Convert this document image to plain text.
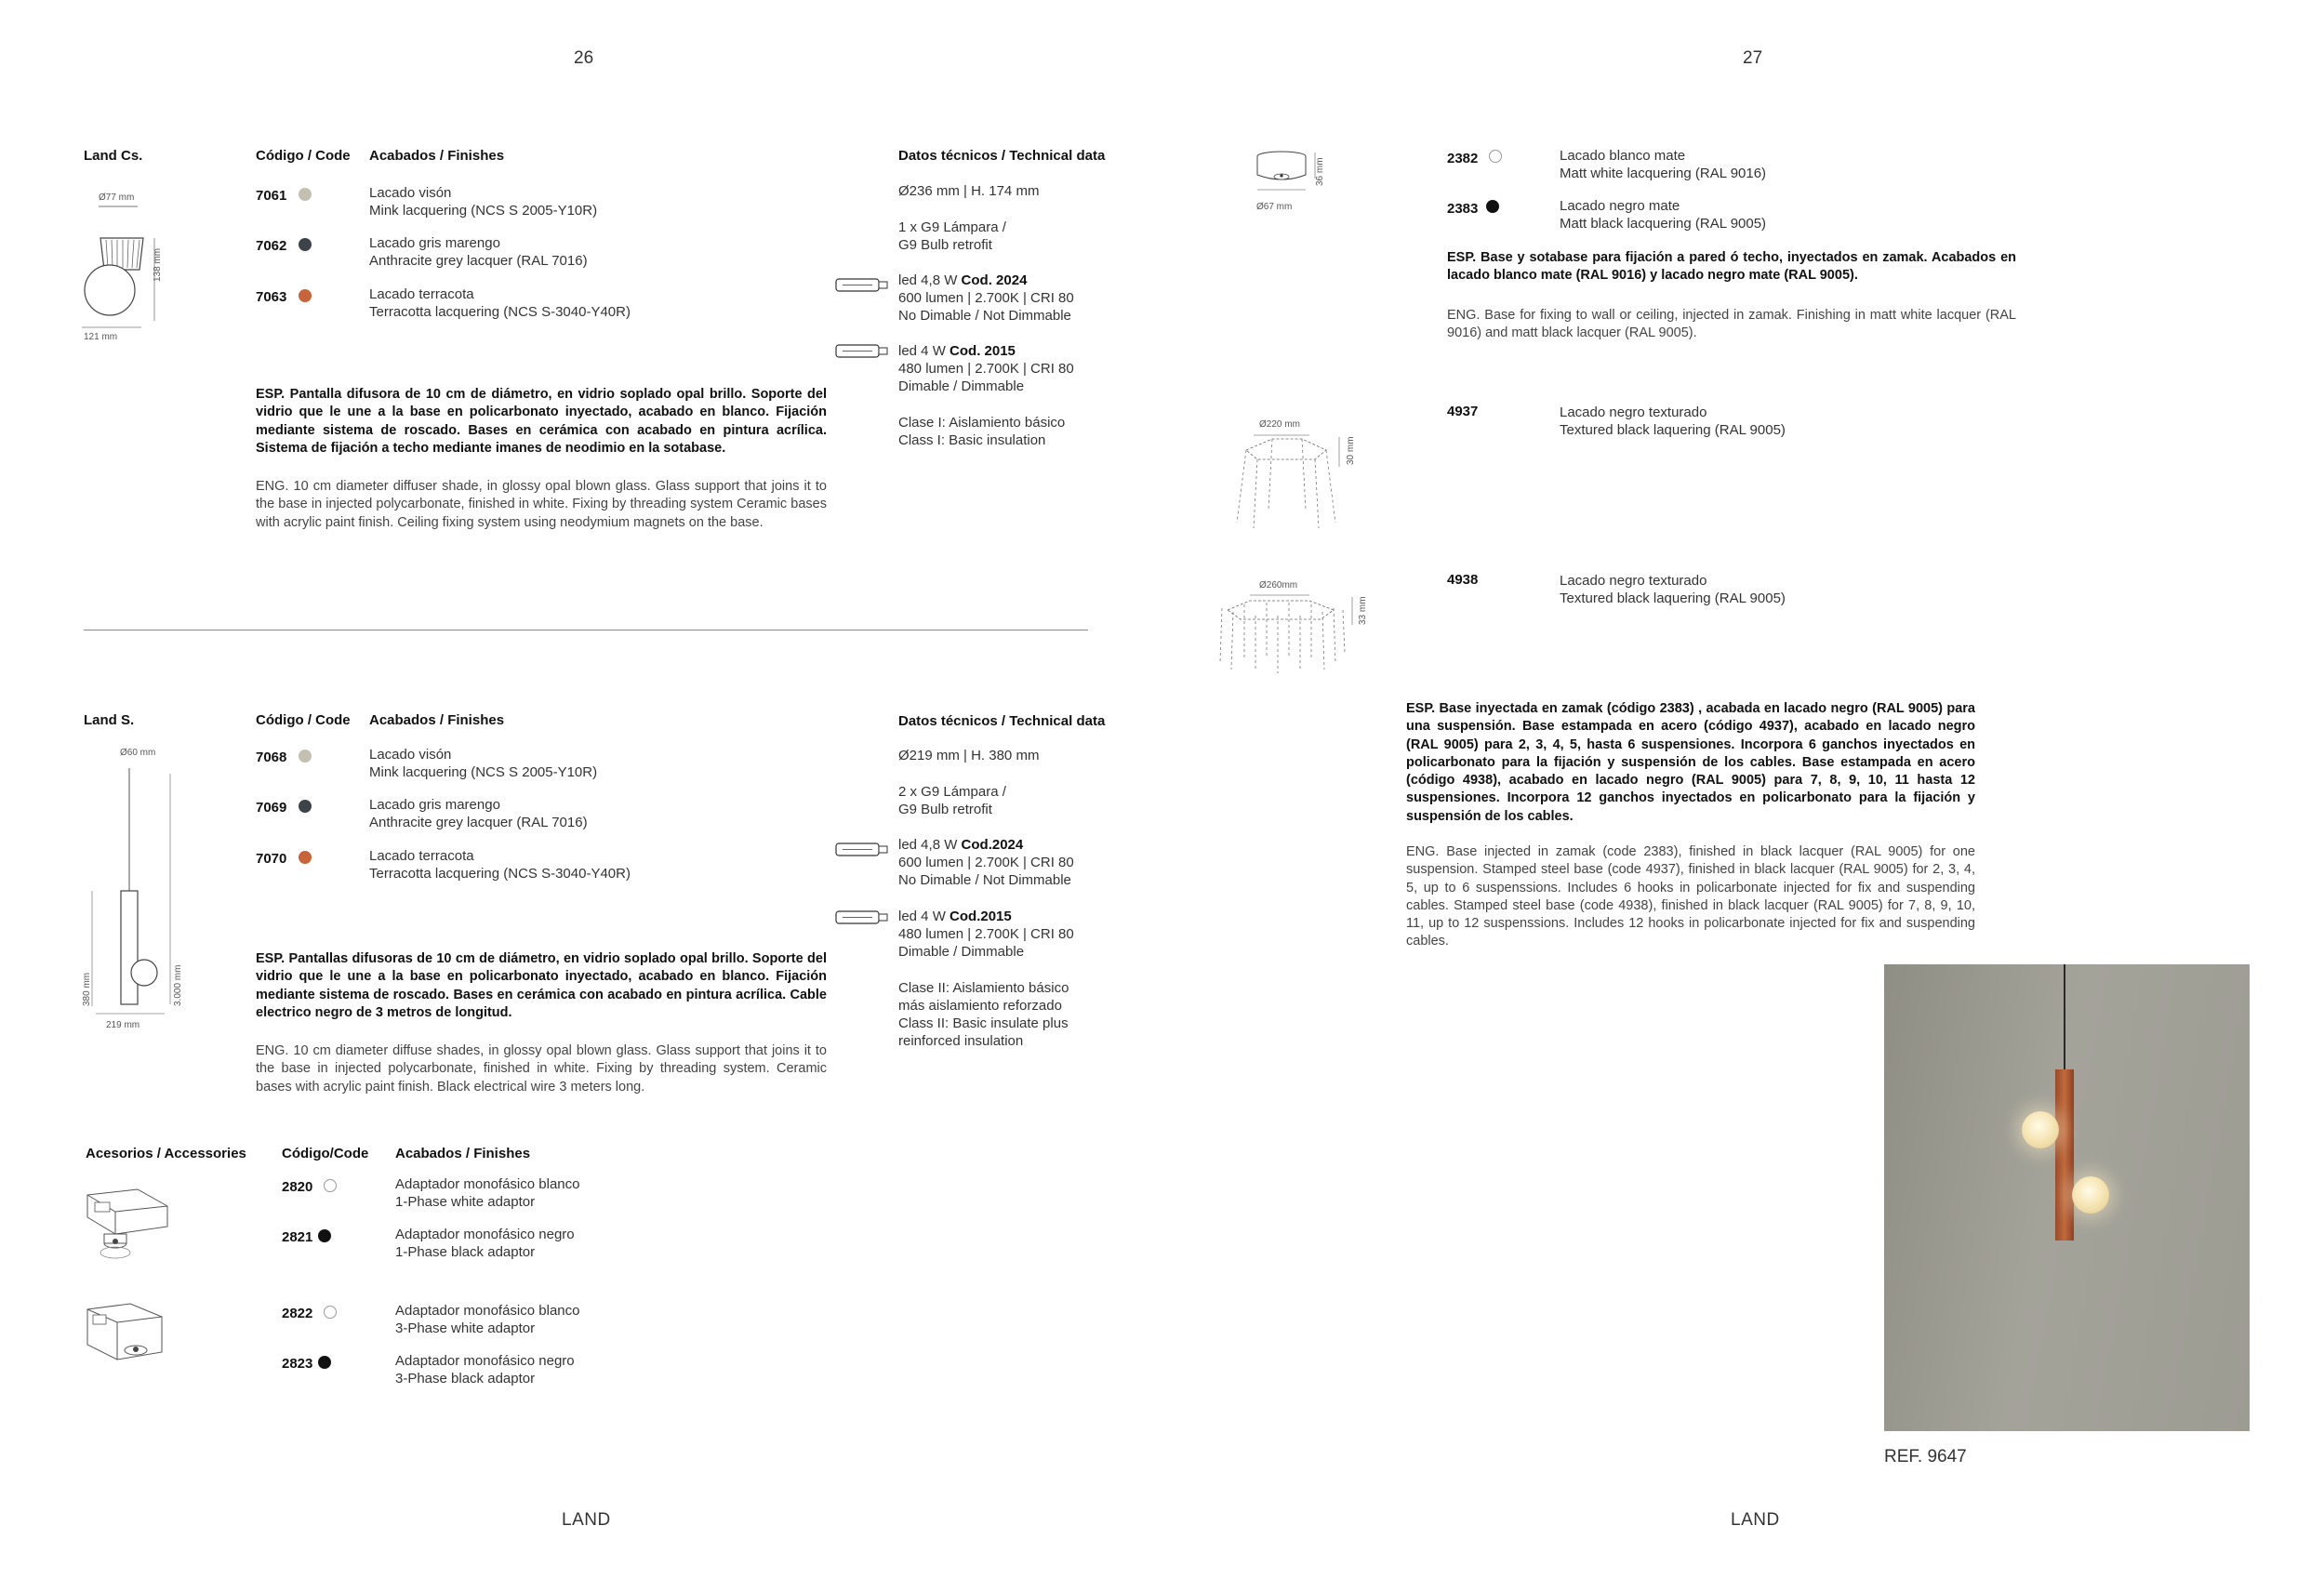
26	27
LAND	LAND
Land Cs.	Código / Code Acabados / Finishes	Datos técnicos / Technical data
Ø77 mm
138 mm
121 mm
7061	Lacado visón
Mink lacquering (NCS S 2005-Y10R)
7062	Lacado gris marengo
Anthracite grey lacquer (RAL 7016)
7063	Lacado terracota
Terracotta lacquering (NCS S-3040-Y40R)
Ø236 mm | H. 174 mm
1 x G9 Lámpara /
G9 Bulb retrofit
led 4,8 W Cod. 2024
600 lumen | 2.700K | CRI 80
No Dimable / Not Dimmable
led 4 W Cod. 2015
480 lumen | 2.700K | CRI 80
Dimable / Dimmable
Clase I: Aislamiento básico
Class I: Basic insulation
ESP. Pantalla difusora de 10 cm de diámetro, en vidrio soplado opal brillo. Soporte del vidrio que le une a la base en policarbonato inyectado, acabado en blanco. Fijación mediante sistema de roscado. Bases en cerámica con acabado en pintura acrílica. Sistema de fijación a techo mediante imanes de neodimio en la sotabase.
ENG. 10 cm diameter diffuser shade, in glossy opal blown glass. Glass support that joins it to the base in injected polycarbonate, finished in white. Fixing by threading system Ceramic bases with acrylic paint finish. Ceiling fixing system using neodymium magnets on the base.
Land S.	Código / Code Acabados / Finishes	Datos técnicos / Technical data
Ø60 mm
380 mm	3.000 mm
219 mm
7068	Lacado visón
Mink lacquering (NCS S 2005-Y10R)
7069	Lacado gris marengo
Anthracite grey lacquer (RAL 7016)
7070	Lacado terracota
Terracotta lacquering (NCS S-3040-Y40R)
Ø219 mm | H. 380 mm
2 x G9 Lámpara /
G9 Bulb retrofit
led 4,8 W Cod.2024
600 lumen | 2.700K | CRI 80
No Dimable / Not Dimmable
led 4 W Cod.2015
480 lumen | 2.700K | CRI 80
Dimable / Dimmable
Clase II: Aislamiento básico
más aislamiento reforzado
Class II: Basic insulate plus
reinforced insulation
ESP. Pantallas difusoras de 10 cm de diámetro, en vidrio soplado opal brillo. Soporte del vidrio que le une a la base en policarbonato inyectado, acabado en blanco. Fijación mediante sistema de roscado. Bases en cerámica con acabado en pintura acrílica. Cable electrico negro de 3 metros de longitud.
ENG. 10 cm diameter diffuse shades, in glossy opal blown glass. Glass support that joins it to the base in injected polycarbonate, finished in white. Fixing by threading system. Ceramic bases with acrylic paint finish. Black electrical wire 3 meters long.
Acesorios / Accessories	Código/Code Acabados / Finishes
2820	Adaptador monofásico blanco
1-Phase white adaptor
2821	Adaptador monofásico negro
1-Phase black adaptor
2822	Adaptador monofásico blanco
3-Phase white adaptor
2823	Adaptador monofásico negro
3-Phase black adaptor
36 mm
Ø67 mm
2382	Lacado blanco mate
Matt white lacquering (RAL 9016)
2383	Lacado negro mate
Matt black lacquering (RAL 9005)
ESP. Base y sotabase para fijación a pared ó techo, inyectados en zamak. Acabados en lacado blanco mate (RAL 9016) y lacado negro mate (RAL 9005).
ENG. Base for fixing to wall or ceiling, injected in zamak. Finishing in matt white lacquer (RAL 9016) and matt black lacquer (RAL 9005).
Ø220 mm
30 mm
4937	Lacado negro texturado
Textured black laquering (RAL 9005)
Ø260mm
33 mm
4938	Lacado negro texturado
Textured black laquering (RAL 9005)
ESP. Base inyectada en zamak (código 2383) , acabada en lacado negro (RAL 9005) para una suspensión. Base estampada en acero (código 4937), acabado en lacado negro (RAL 9005) para 2, 3, 4, 5, hasta 6 suspensiones. Incorpora 6 ganchos inyectados en policarbonato para la fijación y suspensión de los cables. Base estampada en acero (código 4938), acabado en lacado negro (RAL 9005) para 7, 8, 9, 10, 11 hasta 12 suspensiones. Incorpora 12 ganchos inyectados en policarbonato para la fijación y suspensión de los cables.
ENG. Base injected in zamak (code 2383), finished in black lacquer (RAL 9005) for one suspension. Stamped steel base (code 4937), finished in black lacquer (RAL 9005) for 2, 3, 4, 5, up to 6 suspenssions. Includes 6 hooks in policarbonate injected for fix and suspending cables. Stamped steel base (code 4938), finished in black lacquer (RAL 9005) for 7, 8, 9, 10, 11, up to 12 suspenssions. Includes 12 hooks in policarbonate injected for fix and suspending cables.
REF. 9647
